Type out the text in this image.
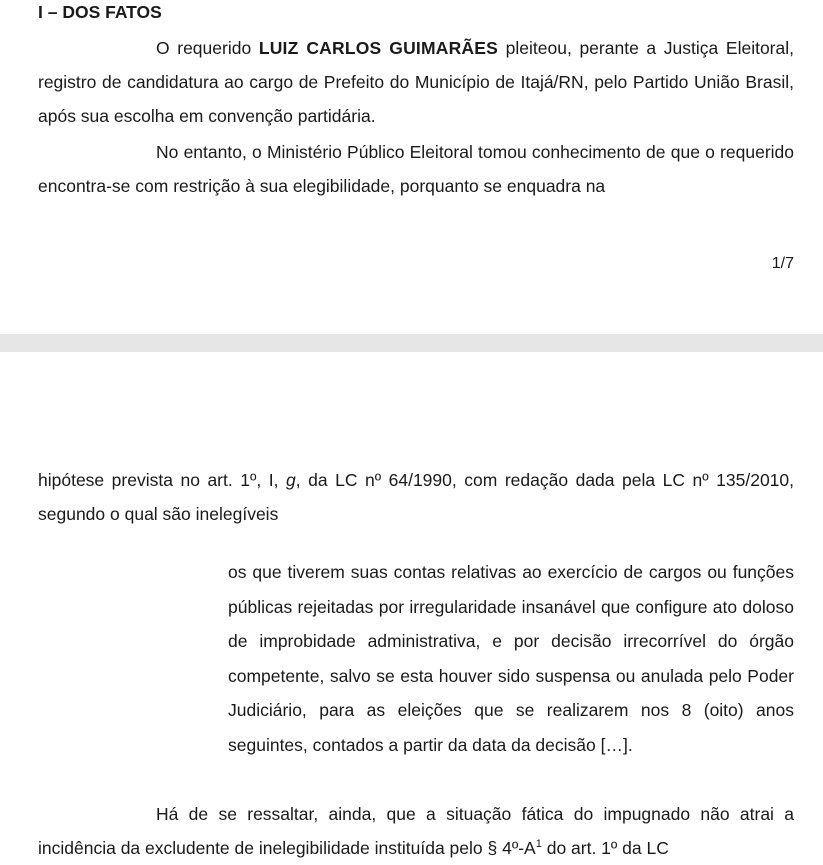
I – DOS FATOS

O requerido LUIZ CARLOS GUIMARÃES pleiteou, perante a Justiça Eleitoral, registro de candidatura ao cargo de Prefeito do Município de Itajá/RN, pelo Partido União Brasil, após sua escolha em convenção partidária.

No entanto, o Ministério Público Eleitoral tomou conhecimento de que o requerido encontra-se com restrição à sua elegibilidade, porquanto se enquadra na

1/7

hipótese prevista no art. 1º, I, g, da LC nº 64/1990, com redação dada pela LC nº 135/2010, segundo o qual são inelegíveis

os que tiverem suas contas relativas ao exercício de cargos ou funções públicas rejeitadas por irregularidade insanável que configure ato doloso de improbidade administrativa, e por decisão irrecorrível do órgão competente, salvo se esta houver sido suspensa ou anulada pelo Poder Judiciário, para as eleições que se realizarem nos 8 (oito) anos seguintes, contados a partir da data da decisão […].

Há de se ressaltar, ainda, que a situação fática do impugnado não atrai a incidência da excludente de inelegibilidade instituída pelo § $4º-A^1$ do art. 1º da LC
